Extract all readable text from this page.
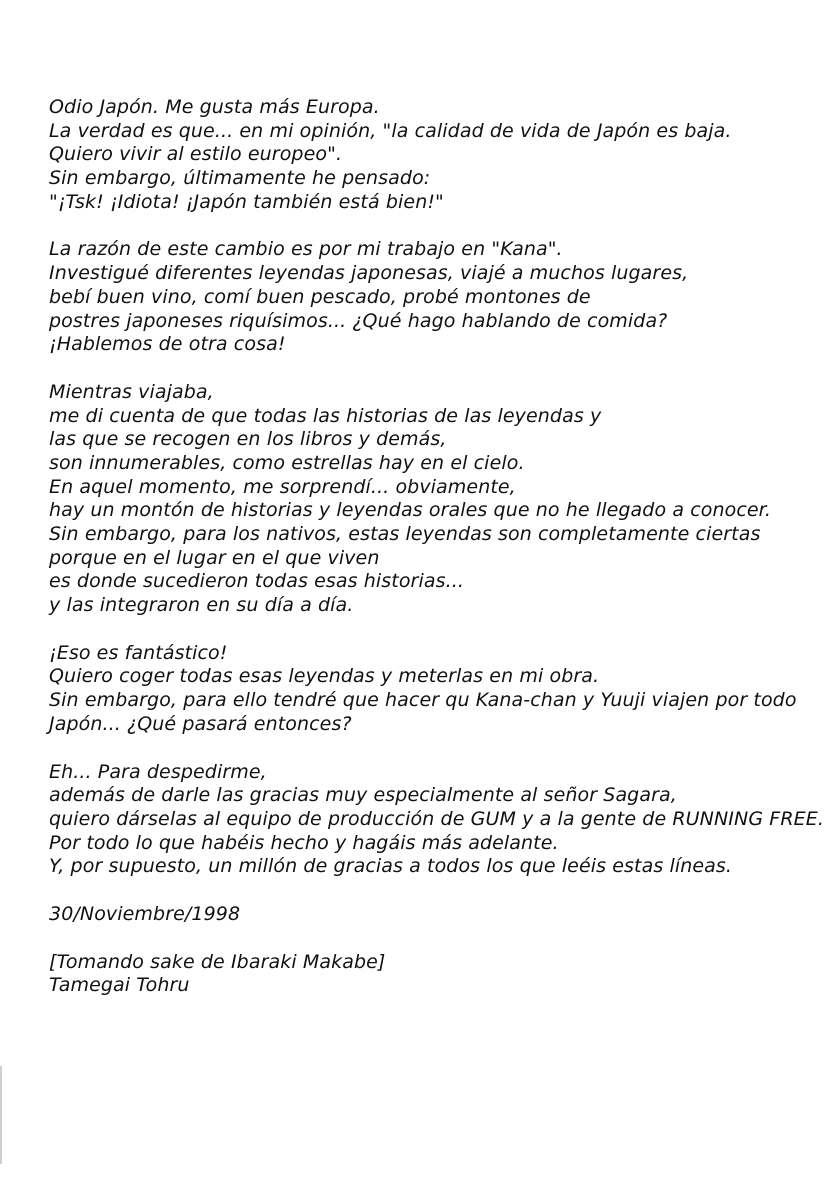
Odio Japón. Me gusta más Europa.
La verdad es que... en mi opinión, "la calidad de vida de Japón es baja.
Quiero vivir al estilo europeo".
Sin embargo, últimamente he pensado:
"¡Tsk! ¡Idiota! ¡Japón también está bien!"
La razón de este cambio es por mi trabajo en "Kana".
Investigué diferentes leyendas japonesas, viajé a muchos lugares,
bebí buen vino, comí buen pescado, probé montones de
postres japoneses riquísimos... ¿Qué hago hablando de comida?
¡Hablemos de otra cosa!
Mientras viajaba,
me di cuenta de que todas las historias de las leyendas y
las que se recogen en los libros y demás,
son innumerables, como estrellas hay en el cielo.
En aquel momento, me sorprendí... obviamente,
hay un montón de historias y leyendas orales que no he llegado a conocer.
Sin embargo, para los nativos, estas leyendas son completamente ciertas
porque en el lugar en el que viven
es donde sucedieron todas esas historias...
y las integraron en su día a día.
¡Eso es fantástico!
Quiero coger todas esas leyendas y meterlas en mi obra.
Sin embargo, para ello tendré que hacer qu Kana-chan y Yuuji viajen por todo
Japón... ¿Qué pasará entonces?
Eh... Para despedirme,
además de darle las gracias muy especialmente al señor Sagara,
quiero dárselas al equipo de producción de GUM y a la gente de RUNNING FREE.
Por todo lo que habéis hecho y hagáis más adelante.
Y, por supuesto, un millón de gracias a todos los que leéis estas líneas.
30/Noviembre/1998
[Tomando sake de Ibaraki Makabe]
Tamegai Tohru
